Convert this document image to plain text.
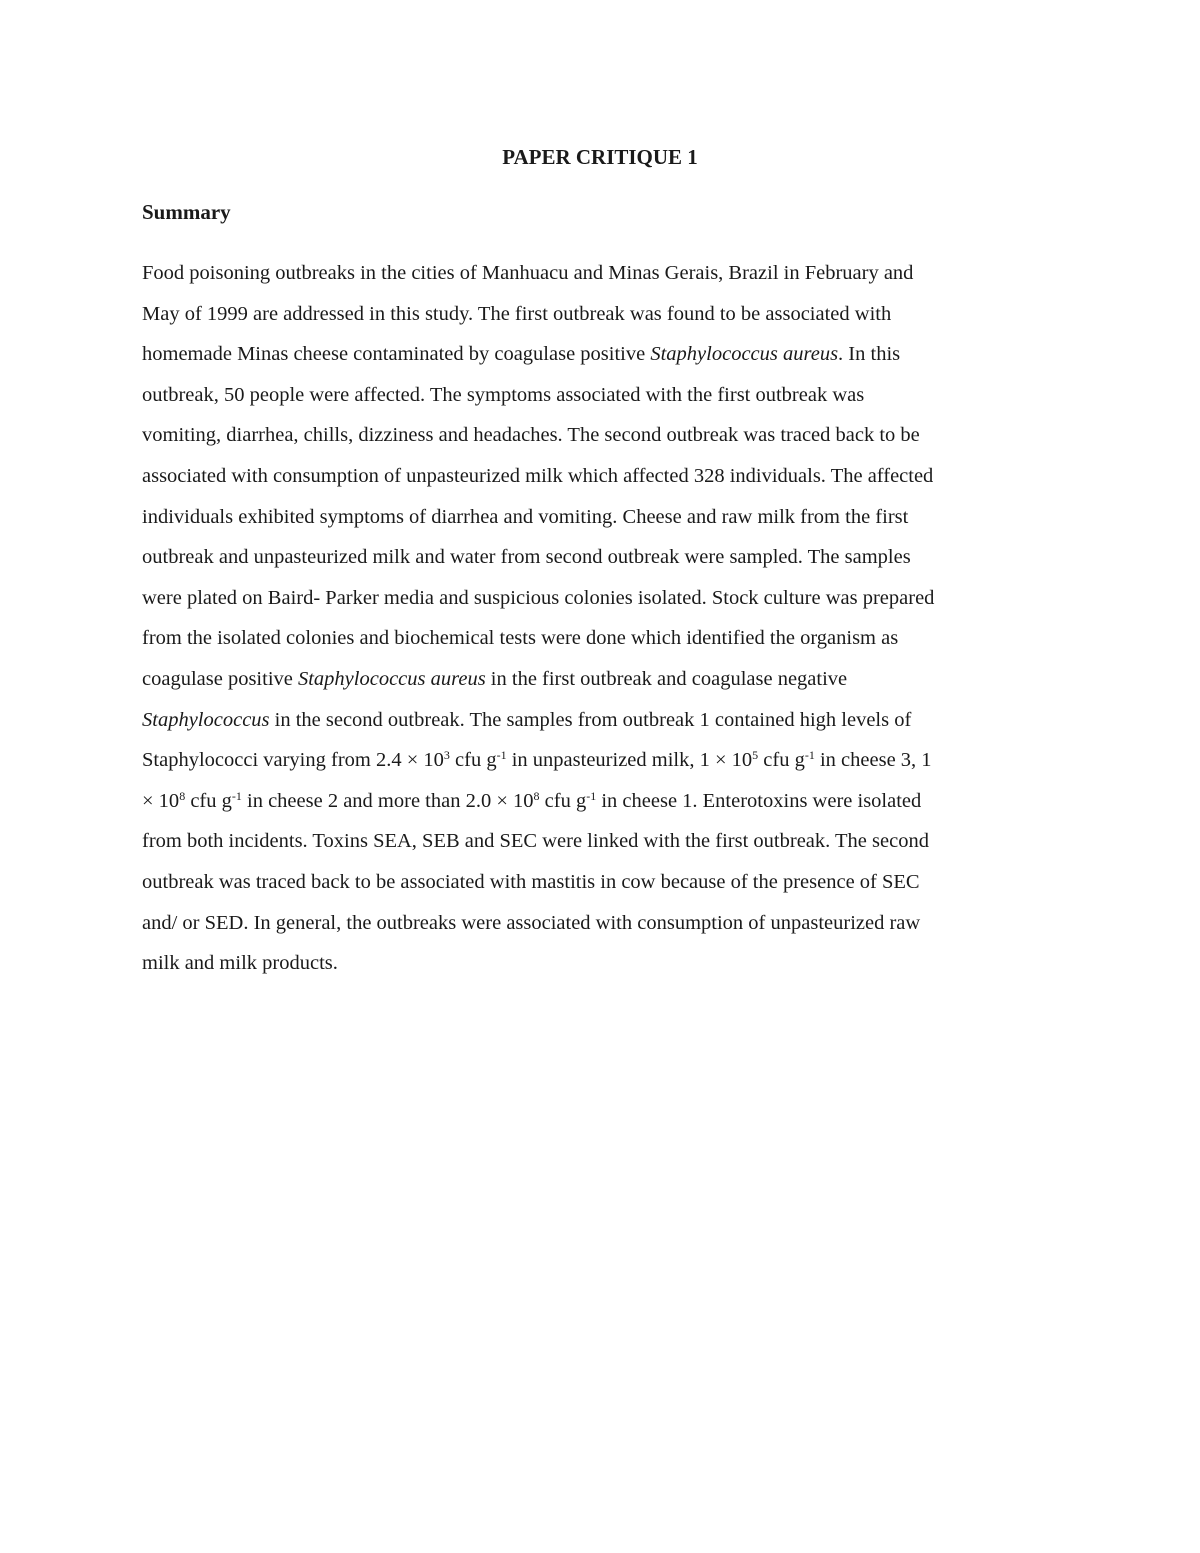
PAPER CRITIQUE 1
Summary
Food poisoning outbreaks in the cities of Manhuacu and Minas Gerais, Brazil in February and
May of 1999 are addressed in this study. The first outbreak was found to be associated with
homemade Minas cheese contaminated by coagulase positive Staphylococcus aureus. In this
outbreak, 50 people were affected. The symptoms associated with the first outbreak was
vomiting, diarrhea, chills, dizziness and headaches. The second outbreak was traced back to be
associated with consumption of unpasteurized milk which affected 328 individuals. The affected
individuals exhibited symptoms of diarrhea and vomiting. Cheese and raw milk from the first
outbreak and unpasteurized milk and water from second outbreak were sampled. The samples
were plated on Baird- Parker media and suspicious colonies isolated. Stock culture was prepared
from the isolated colonies and biochemical tests were done which identified the organism as
coagulase positive Staphylococcus aureus in the first outbreak and coagulase negative
Staphylococcus in the second outbreak. The samples from outbreak 1 contained high levels of
Staphylococci varying from $2.4 \times 10^3$ cfu $g^{-1}$ in unpasteurized milk, $1 \times 10^5$ cfu $g^{-1}$ in cheese 3, 1
× $10^8$ cfu $g^{-1}$ in cheese 2 and more than $2.0 \times 10^8$ cfu $g^{-1}$ in cheese 1. Enterotoxins were isolated
from both incidents. Toxins SEA, SEB and SEC were linked with the first outbreak. The second
outbreak was traced back to be associated with mastitis in cow because of the presence of SEC
and/ or SED. In general, the outbreaks were associated with consumption of unpasteurized raw
milk and milk products.
